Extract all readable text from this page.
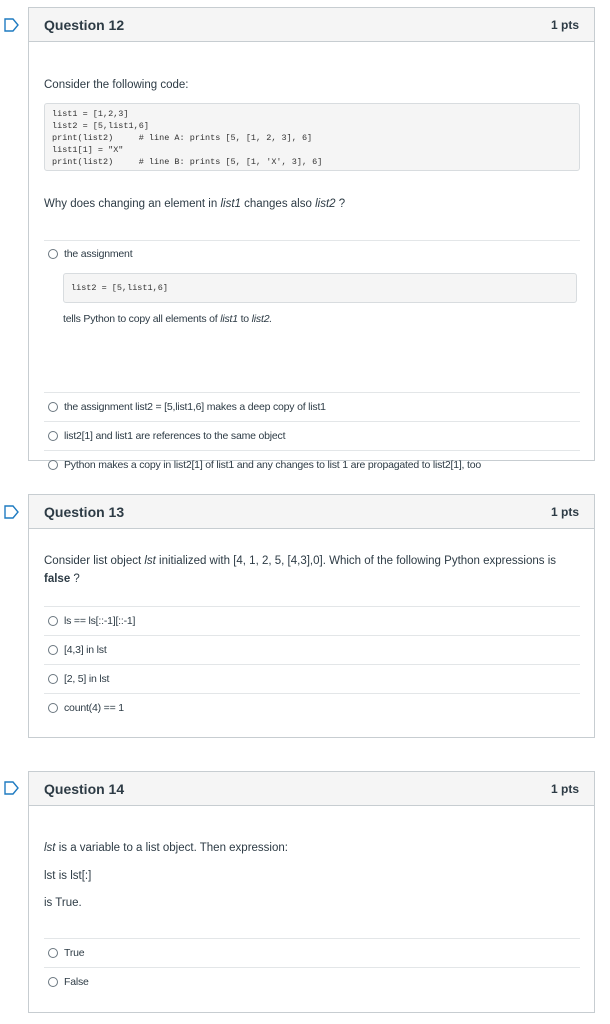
Question 12	1 pts
Consider the following code:
list1 = [1,2,3]
list2 = [5,list1,6]
print(list2)     # line A: prints [5, [1, 2, 3], 6]
list1[1] = "X"
print(list2)     # line B: prints [5, [1, 'X', 3], 6]
Why does changing an element in list1 changes also list2 ?
the assignment
list2 = [5,list1,6]
tells Python to copy all elements of list1 to list2.
the assignment list2 = [5,list1,6] makes a deep copy of list1
list2[1] and list1 are references to the same object
Python makes a copy in list2[1] of list1 and any changes to list 1 are propagated to list2[1], too
Question 13	1 pts
Consider list object lst initialized with [4, 1, 2, 5, [4,3],0]. Which of the following Python expressions is
false ?
ls == ls[::-1][::-1]
[4,3] in lst
[2, 5] in lst
count(4) == 1
Question 14	1 pts
lst is a variable to a list object. Then expression:
lst is lst[:]
is True.
True
False
